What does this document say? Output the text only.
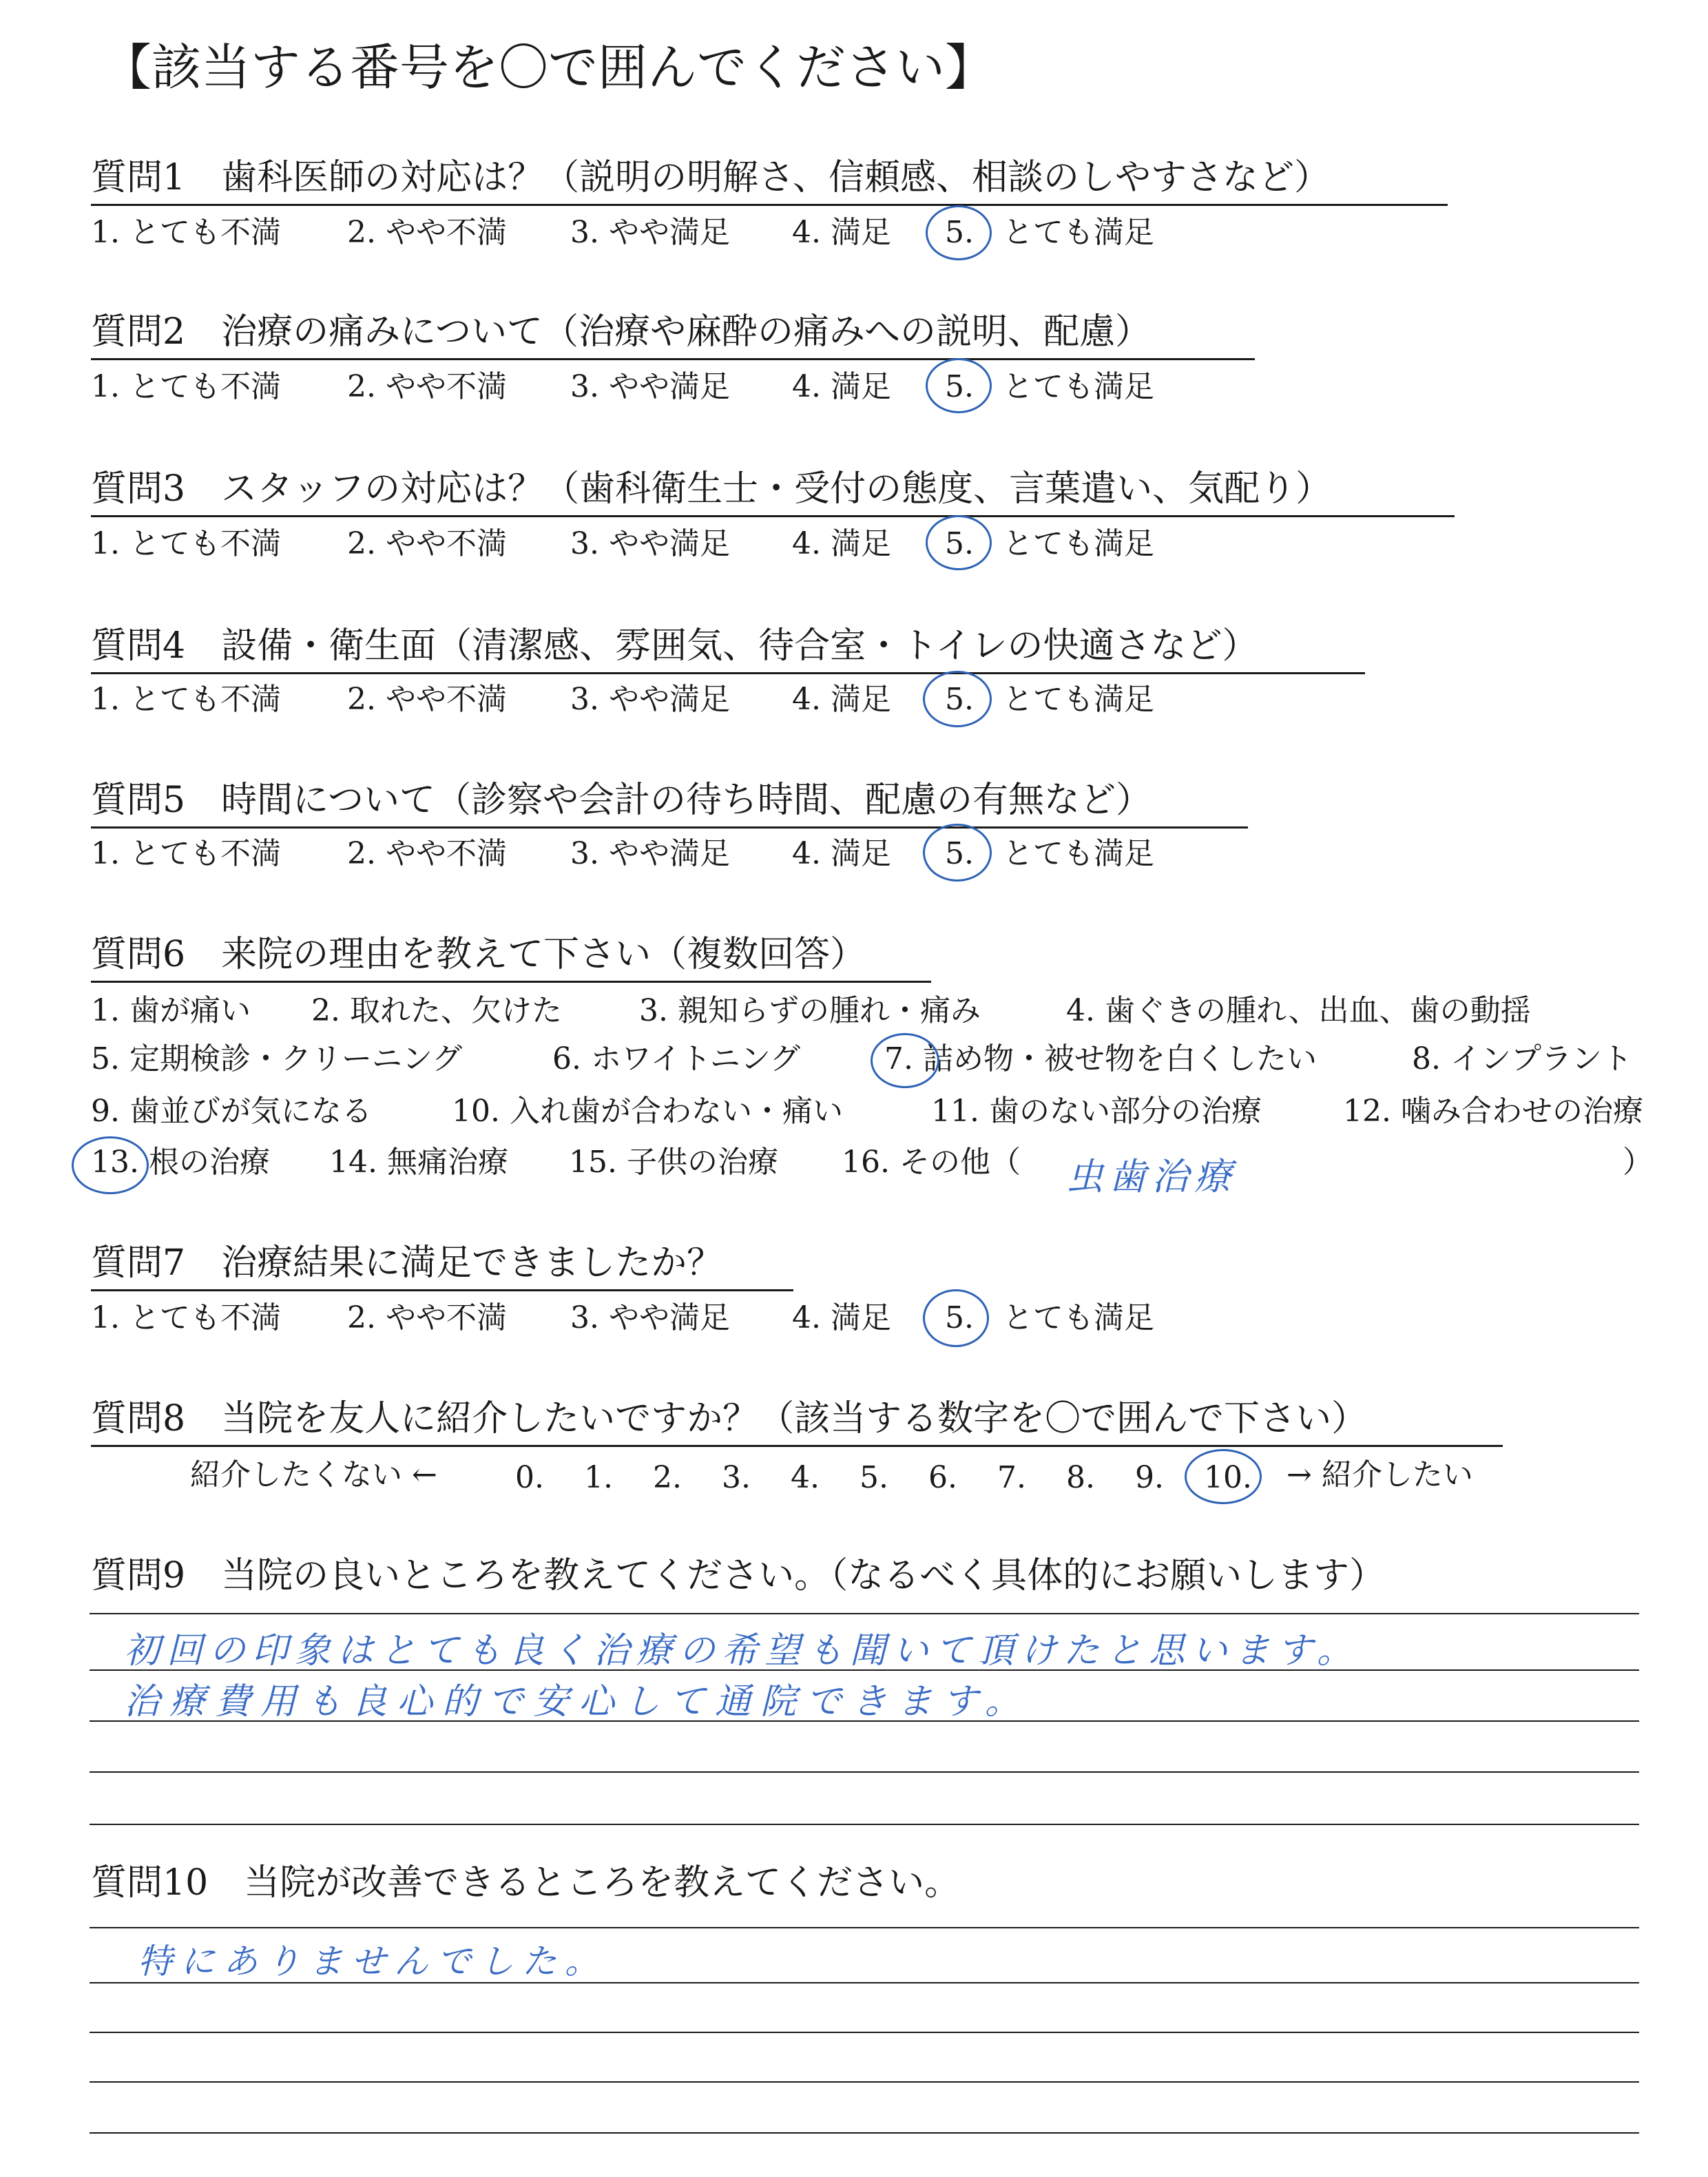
【該当する番号を〇で囲んでください】
質問1　歯科医師の対応は？（説明の明解さ、信頼感、相談のしやすさなど）
1. とても不満 2. やや不満 3. やや満足 4. 満足 5. とても満足
質問2　治療の痛みについて（治療や麻酔の痛みへの説明、配慮）
1. とても不満 2. やや不満 3. やや満足 4. 満足 5. とても満足
質問3　スタッフの対応は？（歯科衛生士・受付の態度、言葉遣い、気配り）
1. とても不満 2. やや不満 3. やや満足 4. 満足 5. とても満足
質問4　設備・衛生面（清潔感、雰囲気、待合室・トイレの快適さなど）
1. とても不満 2. やや不満 3. やや満足 4. 満足 5. とても満足
質問5　時間について（診察や会計の待ち時間、配慮の有無など）
1. とても不満 2. やや不満 3. やや満足 4. 満足 5. とても満足
質問6　来院の理由を教えて下さい（複数回答）
1. 歯が痛い 2. 取れた、欠けた	3. 親知らずの腫れ・痛み	4. 歯ぐきの腫れ、出血、歯の動揺
5. 定期検診・クリーニング	6. ホワイトニング	7. 詰め物・被せ物を白くしたい	8. インプラント
9. 歯並びが気になる	10. 入れ歯が合わない・痛い	11. 歯のない部分の治療	12. 噛み合わせの治療
13. 根の治療 14. 無痛治療 15. 子供の治療 16. その他（	）
虫歯治療
質問7　治療結果に満足できましたか？
1. とても不満 2. やや不満 3. やや満足 4. 満足 5. とても満足
質問8　当院を友人に紹介したいですか？（該当する数字を〇で囲んで下さい）
紹介したくない ←	0. 1. 2. 3. 4. 5. 6. 7. 8. 9. 10. → 紹介したい
質問9　当院の良いところを教えてください。（なるべく具体的にお願いします）
初回の印象はとても良く治療の希望も聞いて頂けたと思います。
治療費用も良心的で安心して通院できます。
質問10　当院が改善できるところを教えてください。
特にありませんでした。
